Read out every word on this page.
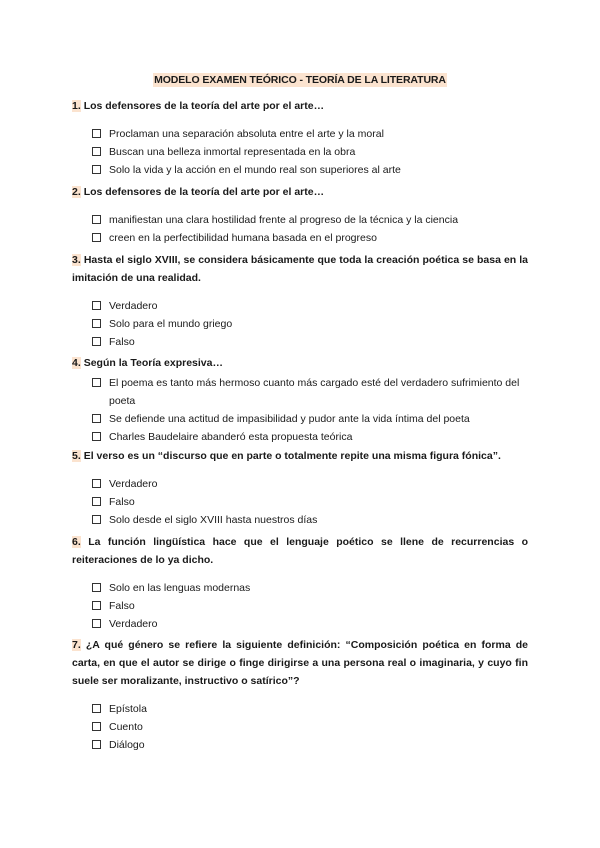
MODELO EXAMEN TEÓRICO - TEORÍA DE LA LITERATURA

1. Los defensores de la teoría del arte por el arte…

Proclaman una separación absoluta entre el arte y la moral
Buscan una belleza inmortal representada en la obra
Solo la vida y la acción en el mundo real son superiores al arte

2. Los defensores de la teoría del arte por el arte…

manifiestan una clara hostilidad frente al progreso de la técnica y la ciencia
creen en la perfectibilidad humana basada en el progreso

3. Hasta el siglo XVIII, se considera básicamente que toda la creación poética se basa en la imitación de una realidad.

Verdadero
Solo para el mundo griego
Falso

4. Según la Teoría expresiva…

El poema es tanto más hermoso cuanto más cargado esté del verdadero sufrimiento del poeta
Se defiende una actitud de impasibilidad y pudor ante la vida íntima del poeta
Charles Baudelaire abanderó esta propuesta teórica

5. El verso es un “discurso que en parte o totalmente repite una misma figura fónica”.

Verdadero
Falso
Solo desde el siglo XVIII hasta nuestros días

6. La función lingüística hace que el lenguaje poético se llene de recurrencias o reiteraciones de lo ya dicho.

Solo en las lenguas modernas
Falso
Verdadero

7. ¿A qué género se refiere la siguiente definición: “Composición poética en forma de carta, en que el autor se dirige o finge dirigirse a una persona real o imaginaria, y cuyo fin suele ser moralizante, instructivo o satírico”?

Epístola
Cuento
Diálogo
